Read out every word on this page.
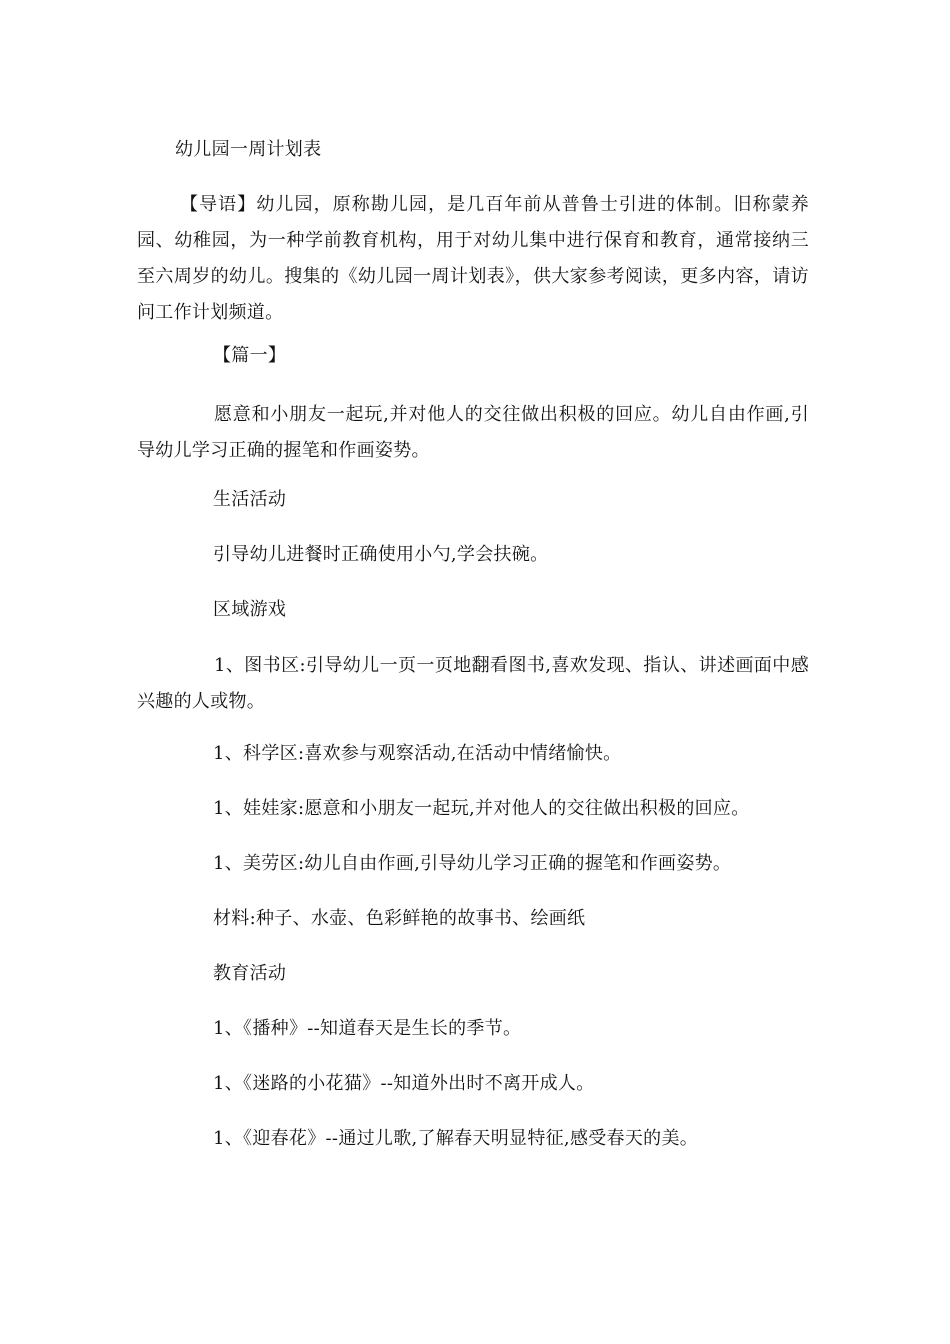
幼儿园一周计划表
【导语】幼儿园，原称勘儿园，是几百年前从普鲁士引进的体制。旧称蒙养园、幼稚园，为一种学前教育机构，用于对幼儿集中进行保育和教育，通常接纳三至六周岁的幼儿。搜集的《幼儿园一周计划表》，供大家参考阅读，更多内容，请访问工作计划频道。
【篇一】
愿意和小朋友一起玩,并对他人的交往做出积极的回应。幼儿自由作画,引导幼儿学习正确的握笔和作画姿势。
生活活动
引导幼儿进餐时正确使用小勺,学会扶碗。
区域游戏
1、图书区:引导幼儿一页一页地翻看图书,喜欢发现、指认、讲述画面中感兴趣的人或物。
1、科学区:喜欢参与观察活动,在活动中情绪愉快。
1、娃娃家:愿意和小朋友一起玩,并对他人的交往做出积极的回应。
1、美劳区:幼儿自由作画,引导幼儿学习正确的握笔和作画姿势。
材料:种子、水壶、色彩鲜艳的故事书、绘画纸
教育活动
1、《播种》--知道春天是生长的季节。
1、《迷路的小花猫》--知道外出时不离开成人。
1、《迎春花》--通过儿歌,了解春天明显特征,感受春天的美。
